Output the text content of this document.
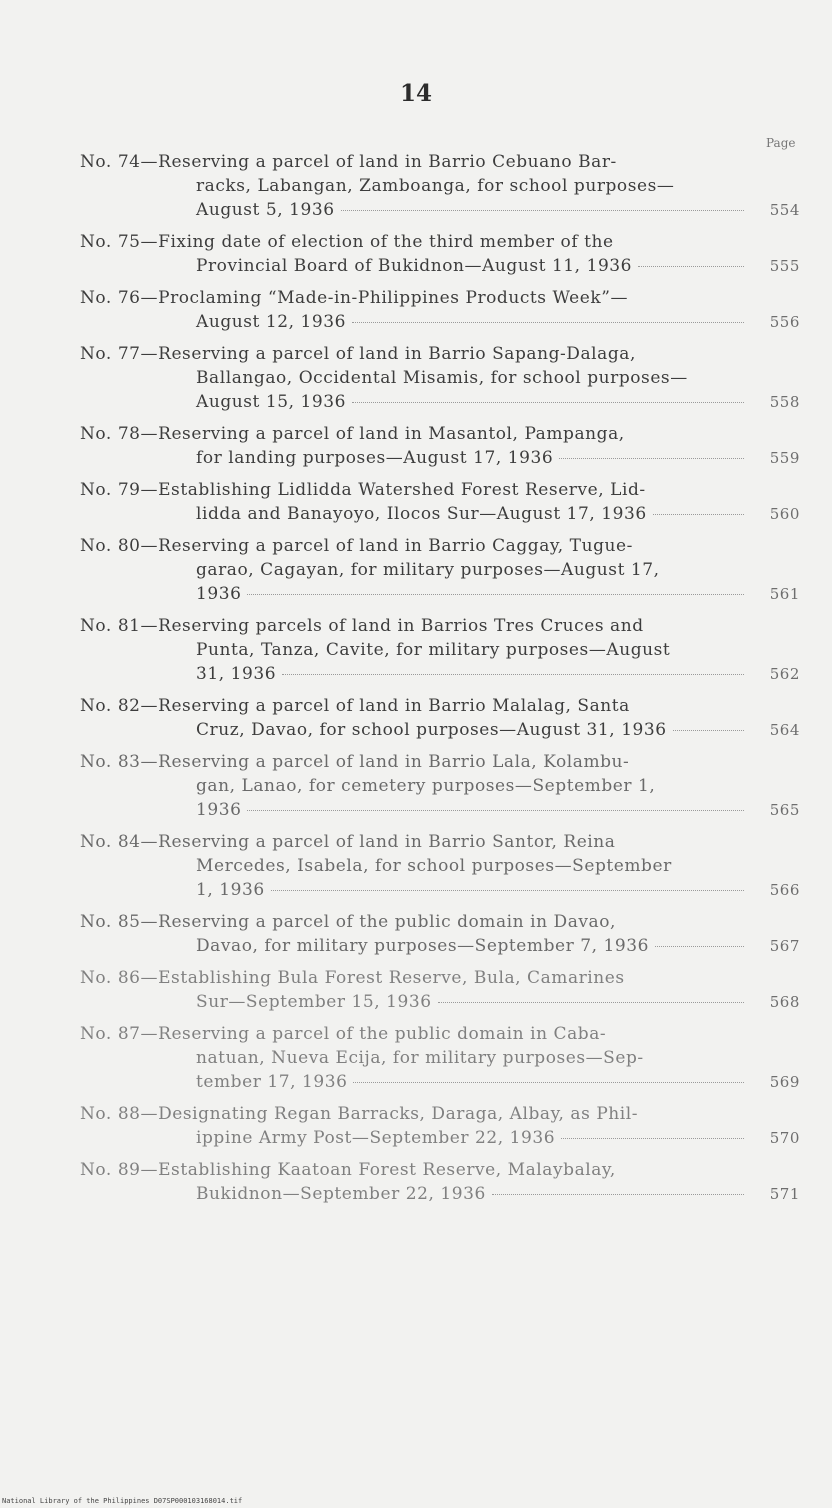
14
Page
No. 74—Reserving a parcel of land in Barrio Cebuano Bar-
racks, Labangan, Zamboanga, for school purposes—
August 5, 1936	554
No. 75—Fixing date of election of the third member of the
Provincial Board of Bukidnon—August 11, 1936	555
No. 76—Proclaming “Made-in-Philippines Products Week”—
August 12, 1936	556
No. 77—Reserving a parcel of land in Barrio Sapang-Dalaga,
Ballangao, Occidental Misamis, for school purposes—
August 15, 1936	558
No. 78—Reserving a parcel of land in Masantol, Pampanga,
for landing purposes—August 17, 1936	559
No. 79—Establishing Lidlidda Watershed Forest Reserve, Lid-
lidda and Banayoyo, Ilocos Sur—August 17, 1936	560
No. 80—Reserving a parcel of land in Barrio Caggay, Tugue-
garao, Cagayan, for military purposes—August 17,
1936	561
No. 81—Reserving parcels of land in Barrios Tres Cruces and
Punta, Tanza, Cavite, for military purposes—August
31, 1936	562
No. 82—Reserving a parcel of land in Barrio Malalag, Santa
Cruz, Davao, for school purposes—August 31, 1936	564
No. 83—Reserving a parcel of land in Barrio Lala, Kolambu-
gan, Lanao, for cemetery purposes—September 1,
1936	565
No. 84—Reserving a parcel of land in Barrio Santor, Reina
Mercedes, Isabela, for school purposes—September
1, 1936	566
No. 85—Reserving a parcel of the public domain in Davao,
Davao, for military purposes—September 7, 1936	567
No. 86—Establishing Bula Forest Reserve, Bula, Camarines
Sur—September 15, 1936	568
No. 87—Reserving a parcel of the public domain in Caba-
natuan, Nueva Ecija, for military purposes—Sep-
tember 17, 1936	569
No. 88—Designating Regan Barracks, Daraga, Albay, as Phil-
ippine Army Post—September 22, 1936	570
No. 89—Establishing Kaatoan Forest Reserve, Malaybalay,
Bukidnon—September 22, 1936	571
National Library of the Philippines D07SP000103168014.tif
